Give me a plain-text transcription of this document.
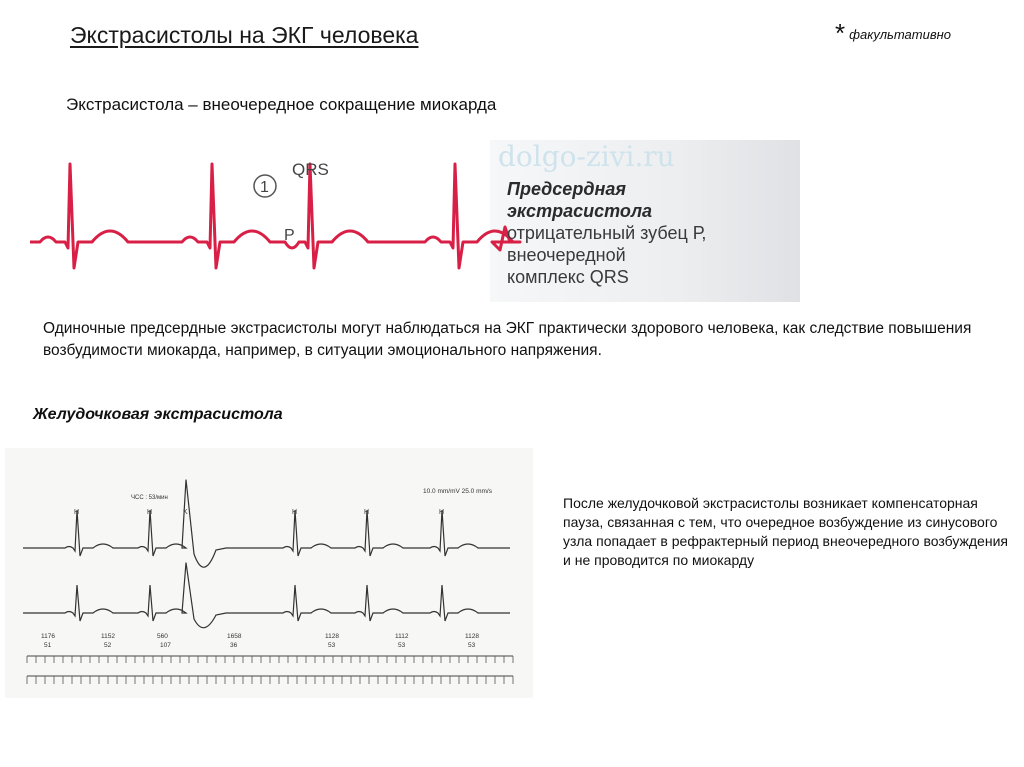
Экстрасистолы на ЭКГ человека	* факультативно
Экстрасистола – внеочередное сокращение миокарда
dolgo-zivi.ru
1
QRS
P
Предсердная
экстрасистола
отрицательный зубец Р,
внеочередной
комплекс QRS
Одиночные предсердные экстрасистолы могут наблюдаться на ЭКГ практически здорового человека, как следствие повышения возбудимости миокарда, например, в ситуации эмоционального напряжения.
Желудочковая экстрасистола
H	H	K	H	H	H
1176
51
1152
52
560
107
1658
36
1128
53
1112
53
1128
53
ЧСС : 53/мин
10.0 mm/mV 25.0 mm/s
После желудочковой экстрасистолы возникает компенсаторная пауза, связанная с тем, что очередное возбуждение из синусового узла попадает в рефрактерный период внеочередного возбуждения и не проводится по миокарду
